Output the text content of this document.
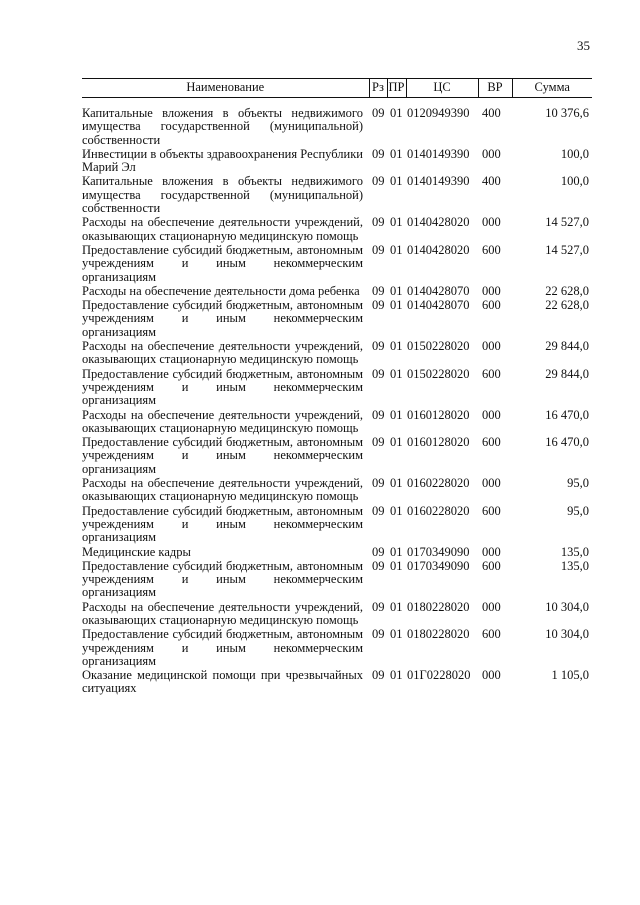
35
Наименование	Рз	ПР	ЦС	ВР	Сумма
Капитальные вложения в объекты недвижимого имущества государственной (муниципальной) собственности	09	01	0120949390	400	10 376,6
Инвестиции в объекты здравоохранения Республики Марий Эл	09	01	0140149390	000	100,0
Капитальные вложения в объекты недвижимого имущества государственной (муниципальной) собственности	09	01	0140149390	400	100,0
Расходы на обеспечение деятельности учреждений, оказывающих стационарную медицинскую помощь	09	01	0140428020	000	14 527,0
Предоставление субсидий бюджетным, автономным учреждениям и иным некоммерческим организациям	09	01	0140428020	600	14 527,0
Расходы на обеспечение деятельности дома ребенка	09	01	0140428070	000	22 628,0
Предоставление субсидий бюджетным, автономным учреждениям и иным некоммерческим организациям	09	01	0140428070	600	22 628,0
Расходы на обеспечение деятельности учреждений, оказывающих стационарную медицинскую помощь	09	01	0150228020	000	29 844,0
Предоставление субсидий бюджетным, автономным учреждениям и иным некоммерческим организациям	09	01	0150228020	600	29 844,0
Расходы на обеспечение деятельности учреждений, оказывающих стационарную медицинскую помощь	09	01	0160128020	000	16 470,0
Предоставление субсидий бюджетным, автономным учреждениям и иным некоммерческим организациям	09	01	0160128020	600	16 470,0
Расходы на обеспечение деятельности учреждений, оказывающих стационарную медицинскую помощь	09	01	0160228020	000	95,0
Предоставление субсидий бюджетным, автономным учреждениям и иным некоммерческим организациям	09	01	0160228020	600	95,0
Медицинские кадры	09	01	0170349090	000	135,0
Предоставление субсидий бюджетным, автономным учреждениям и иным некоммерческим организациям	09	01	0170349090	600	135,0
Расходы на обеспечение деятельности учреждений, оказывающих стационарную медицинскую помощь	09	01	0180228020	000	10 304,0
Предоставление субсидий бюджетным, автономным учреждениям и иным некоммерческим организациям	09	01	0180228020	600	10 304,0
Оказание медицинской помощи при чрезвычайных ситуациях	09	01	01Г0228020	000	1 105,0
